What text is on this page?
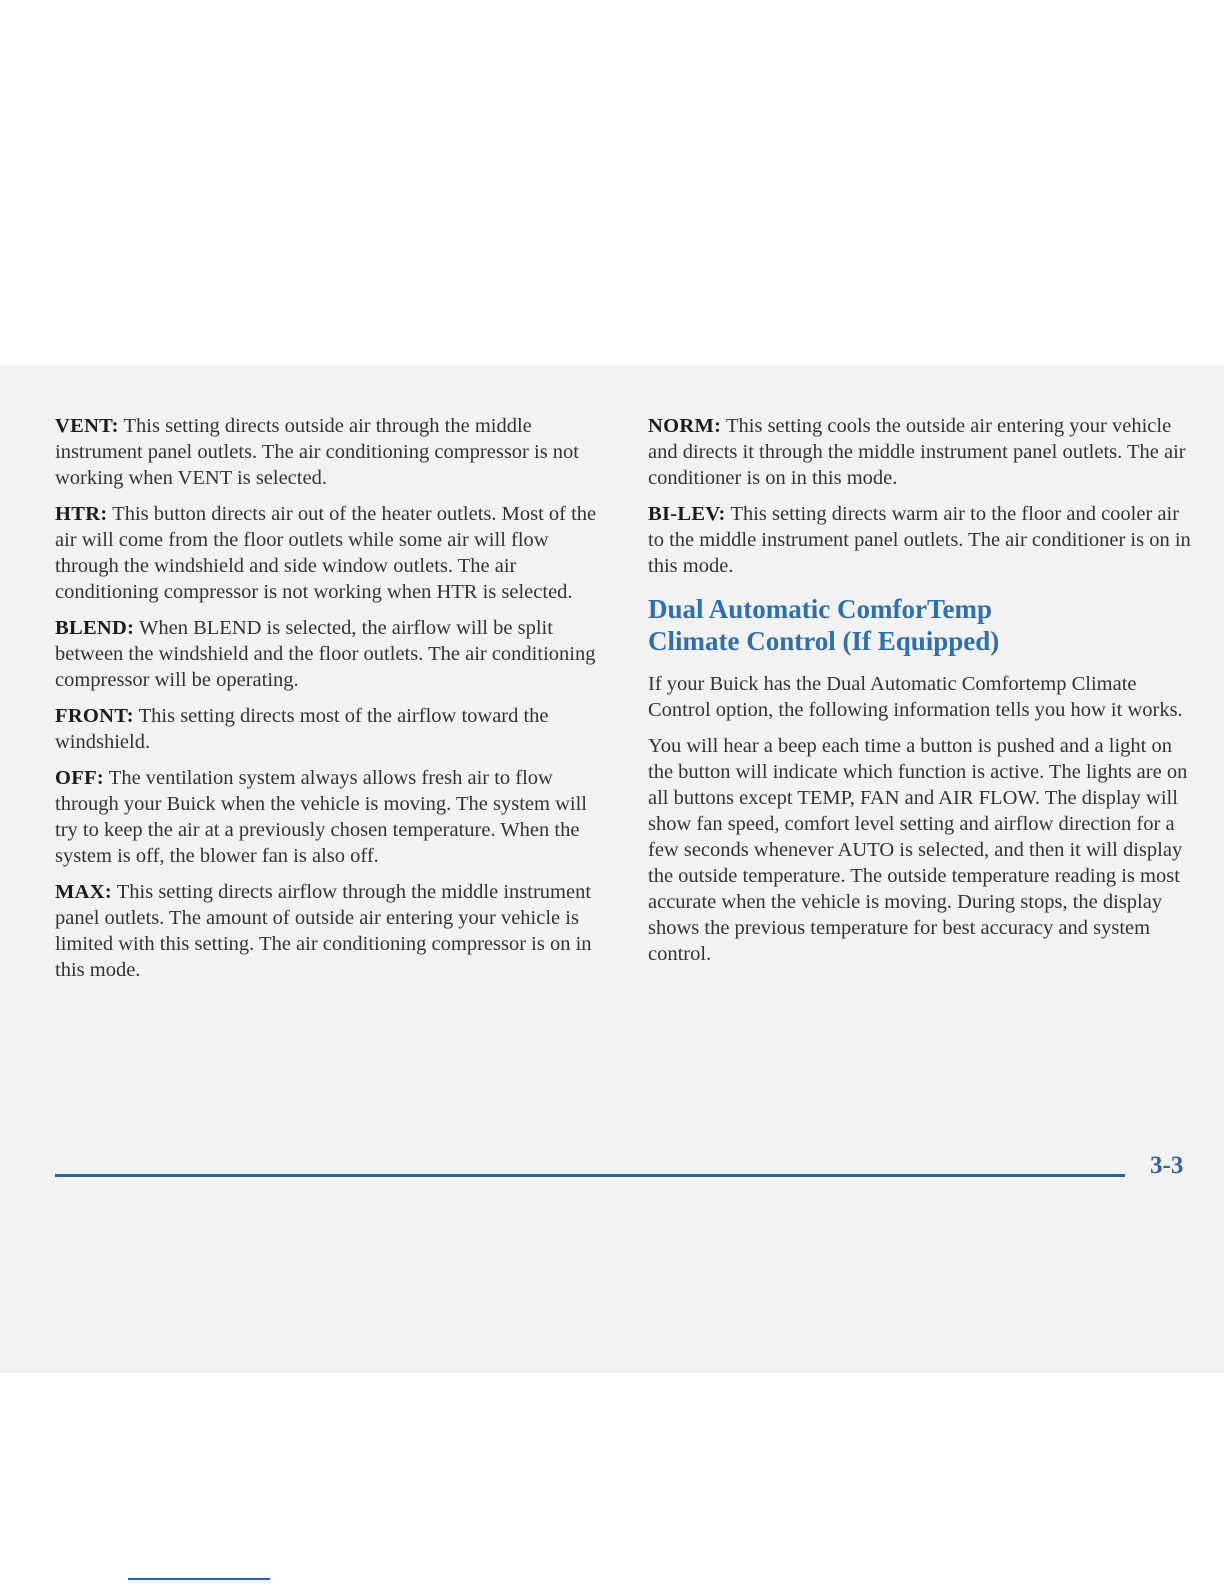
VENT: This setting directs outside air through the middle instrument panel outlets. The air conditioning compressor is not working when VENT is selected.

HTR: This button directs air out of the heater outlets. Most of the air will come from the floor outlets while some air will flow through the windshield and side window outlets. The air conditioning compressor is not working when HTR is selected.

BLEND: When BLEND is selected, the airflow will be split between the windshield and the floor outlets. The air conditioning compressor will be operating.

FRONT: This setting directs most of the airflow toward the windshield.

OFF: The ventilation system always allows fresh air to flow through your Buick when the vehicle is moving. The system will try to keep the air at a previously chosen temperature. When the system is off, the blower fan is also off.

MAX: This setting directs airflow through the middle instrument panel outlets. The amount of outside air entering your vehicle is limited with this setting. The air conditioning compressor is on in this mode.

NORM: This setting cools the outside air entering your vehicle and directs it through the middle instrument panel outlets. The air conditioner is on in this mode.

BI-LEV: This setting directs warm air to the floor and cooler air to the middle instrument panel outlets. The air conditioner is on in this mode.

Dual Automatic ComforTemp
Climate Control (If Equipped)

If your Buick has the Dual Automatic Comfortemp Climate Control option, the following information tells you how it works.

You will hear a beep each time a button is pushed and a light on the button will indicate which function is active. The lights are on all buttons except TEMP, FAN and AIR FLOW. The display will show fan speed, comfort level setting and airflow direction for a few seconds whenever AUTO is selected, and then it will display the outside temperature. The outside temperature reading is most accurate when the vehicle is moving. During stops, the display shows the previous temperature for best accuracy and system control.

3-3
